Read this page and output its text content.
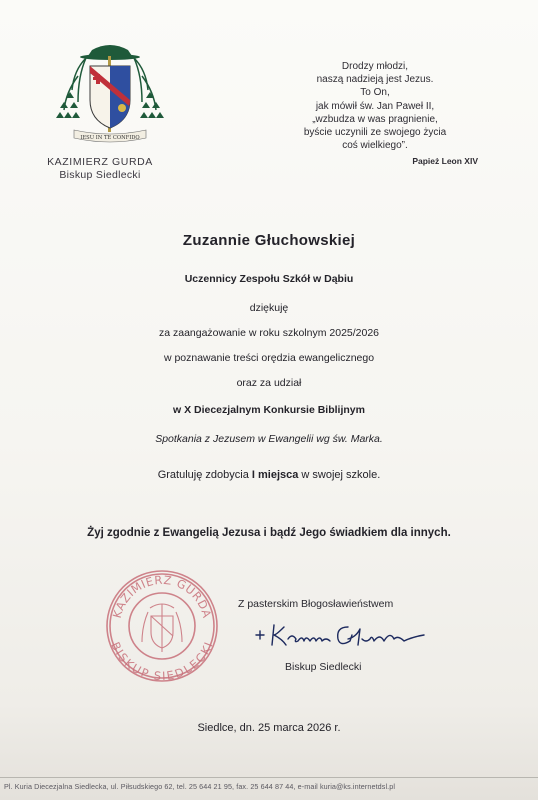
IESU IN TE CONFIDO
KAZIMIERZ GURDA
Biskup Siedlecki
Drodzy młodzi,
naszą nadzieją jest Jezus.
To On,
jak mówił św. Jan Paweł II,
„wzbudza w was pragnienie,
byście uczynili ze swojego życia
coś wielkiego”.
Papież Leon XIV
Zuzannie Głuchowskiej
Uczennicy Zespołu Szkół w Dąbiu
dziękuję
za zaangażowanie w roku szkolnym 2025/2026
w poznawanie treści orędzia ewangelicznego
oraz za udział
w X Diecezjalnym Konkursie Biblijnym
Spotkania z Jezusem w Ewangelii wg św. Marka.
Gratuluję zdobycia I miejsca w swojej szkole.
Żyj zgodnie z Ewangelią Jezusa i bądź Jego świadkiem dla innych.
KAZIMIERZ GURDA
BISKUP SIEDLECKI
Z pasterskim Błogosławieństwem
Biskup Siedlecki
Siedlce, dn. 25 marca 2026 r.
Pl. Kuria Diecezjalna Siedlecka, ul. Piłsudskiego 62, tel. 25 644 21 95, fax. 25 644 87 44, e-mail kuria@ks.internetdsl.pl
